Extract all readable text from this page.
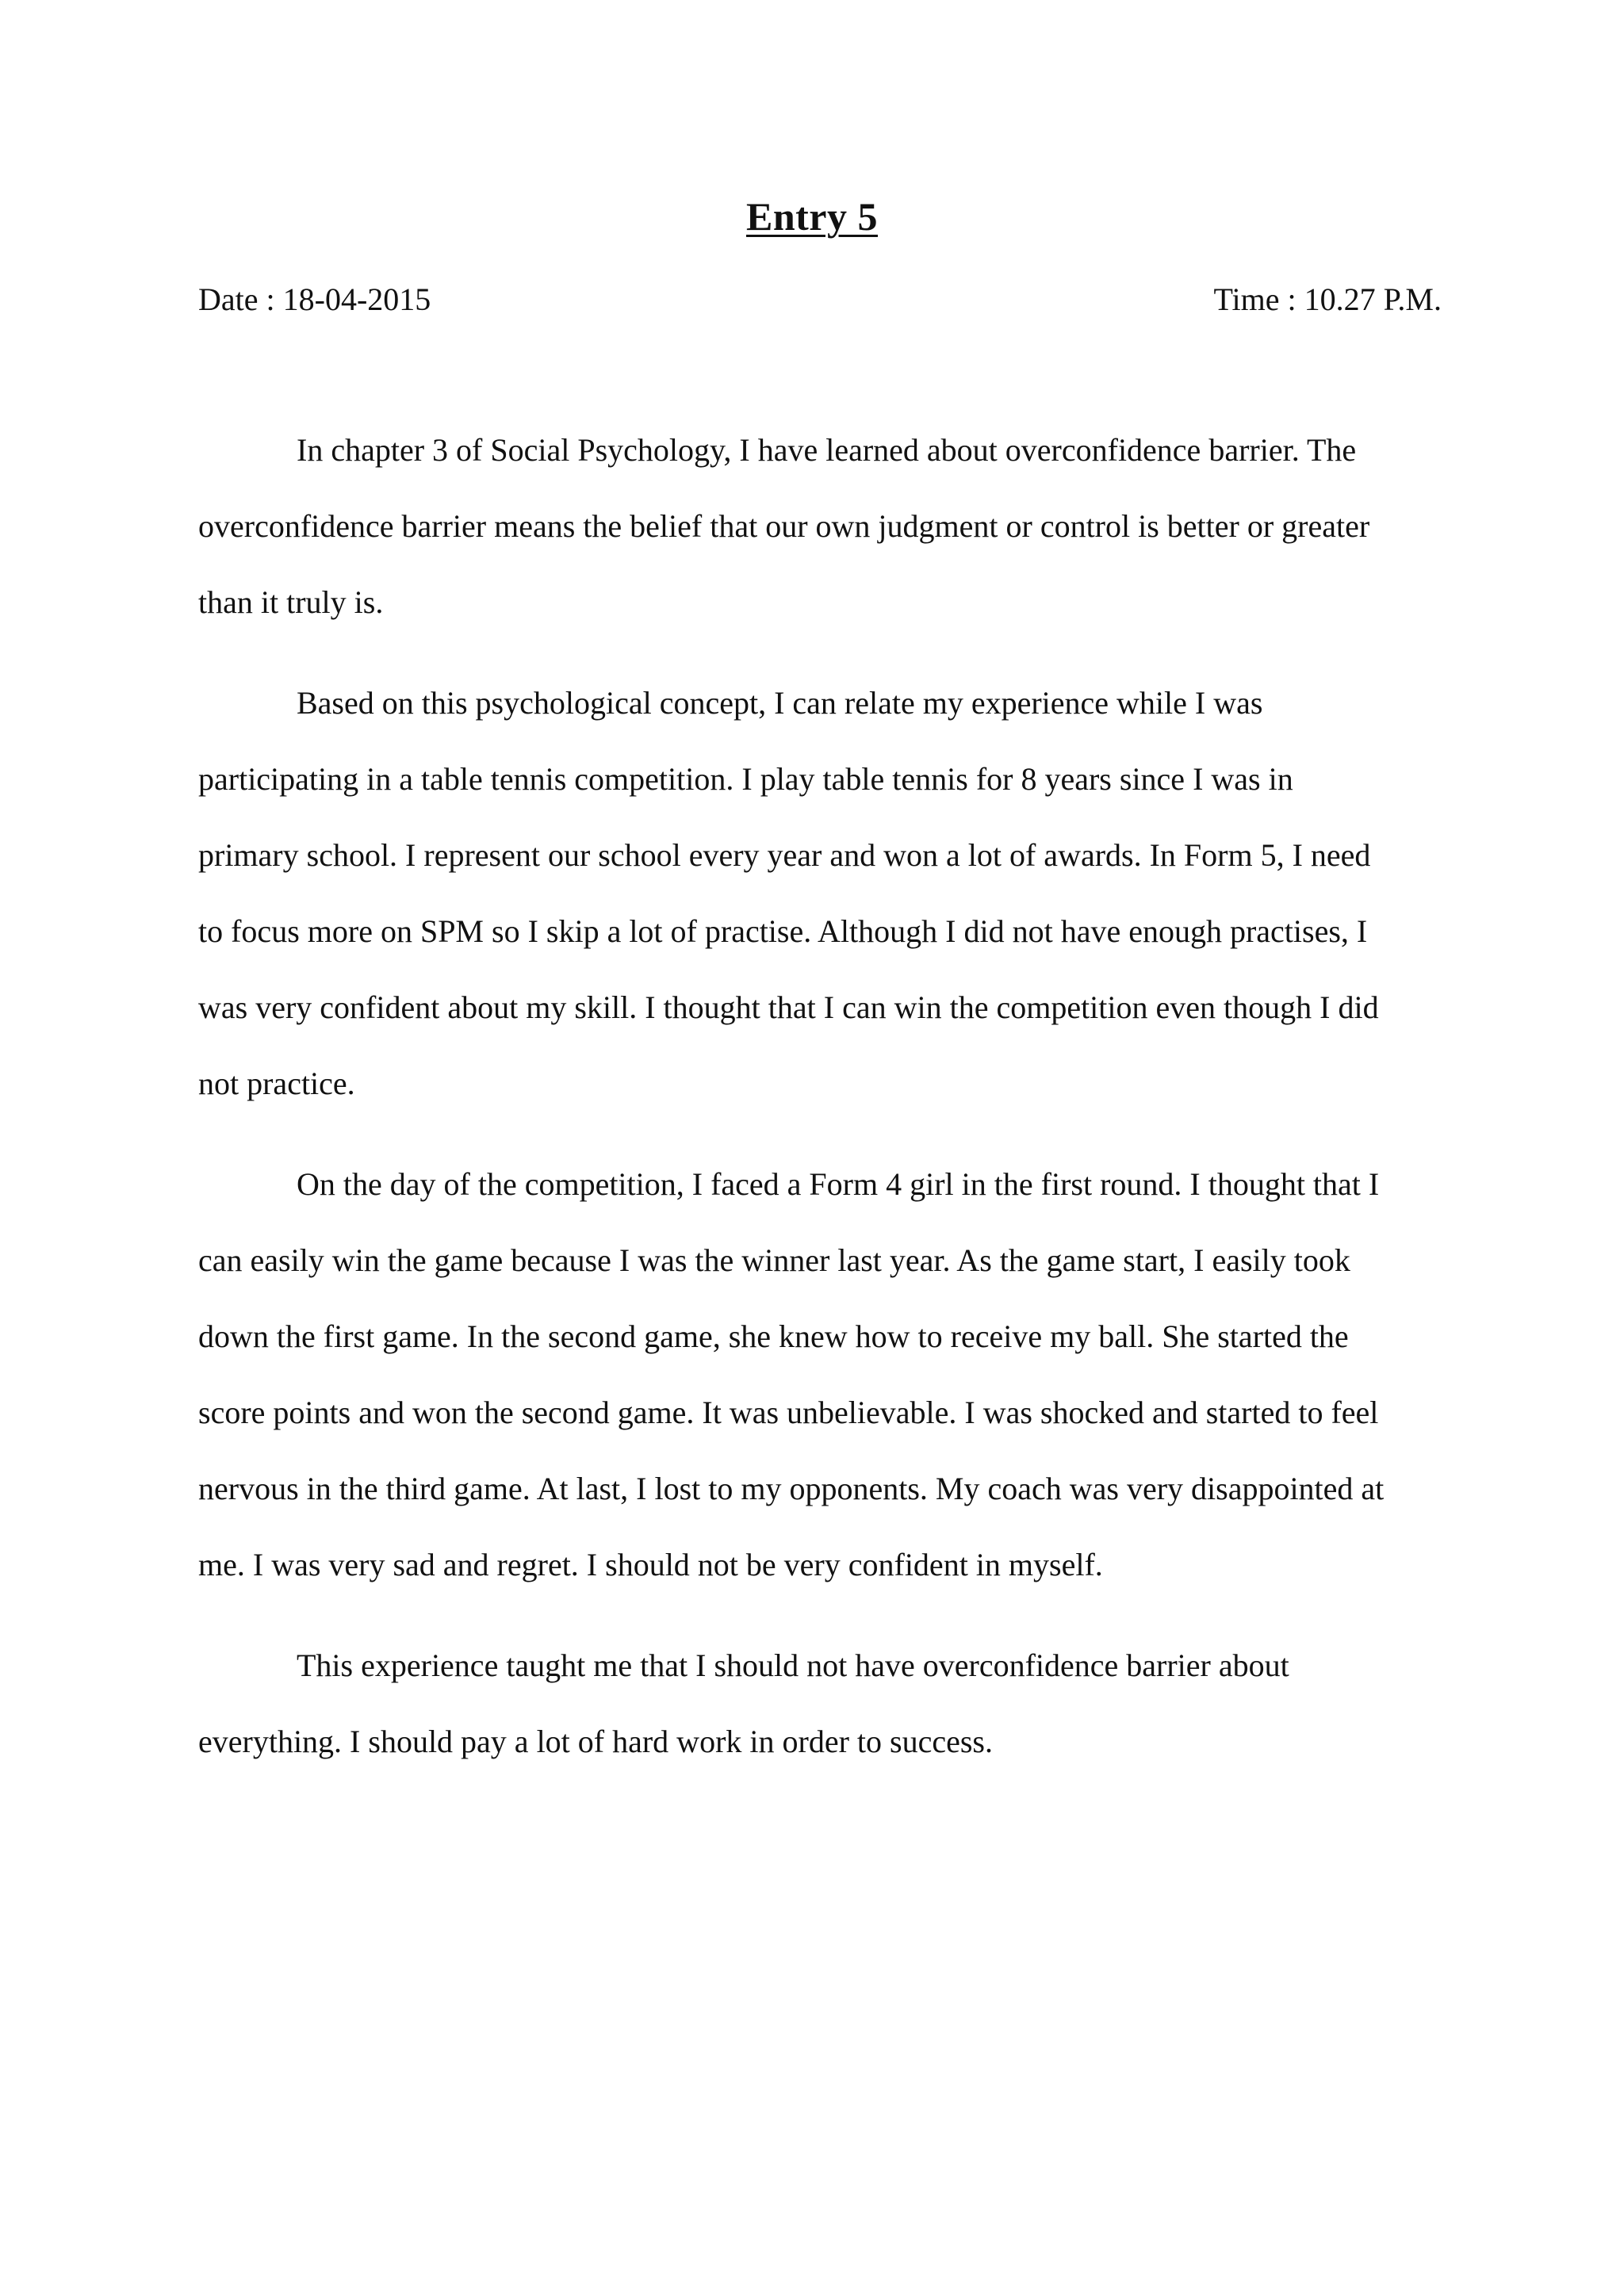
Entry 5
Date : 18-04-2015	Time : 10.27 P.M.
In chapter 3 of Social Psychology, I have learned about overconfidence barrier. The
overconfidence barrier means the belief that our own judgment or control is better or greater
than it truly is.
Based on this psychological concept, I can relate my experience while I was
participating in a table tennis competition. I play table tennis for 8 years since I was in
primary school. I represent our school every year and won a lot of awards. In Form 5, I need
to focus more on SPM so I skip a lot of practise. Although I did not have enough practises, I
was very confident about my skill. I thought that I can win the competition even though I did
not practice.
On the day of the competition, I faced a Form 4 girl in the first round. I thought that I
can easily win the game because I was the winner last year. As the game start, I easily took
down the first game. In the second game, she knew how to receive my ball. She started the
score points and won the second game. It was unbelievable. I was shocked and started to feel
nervous in the third game. At last, I lost to my opponents. My coach was very disappointed at
me. I was very sad and regret. I should not be very confident in myself.
This experience taught me that I should not have overconfidence barrier about
everything. I should pay a lot of hard work in order to success.
